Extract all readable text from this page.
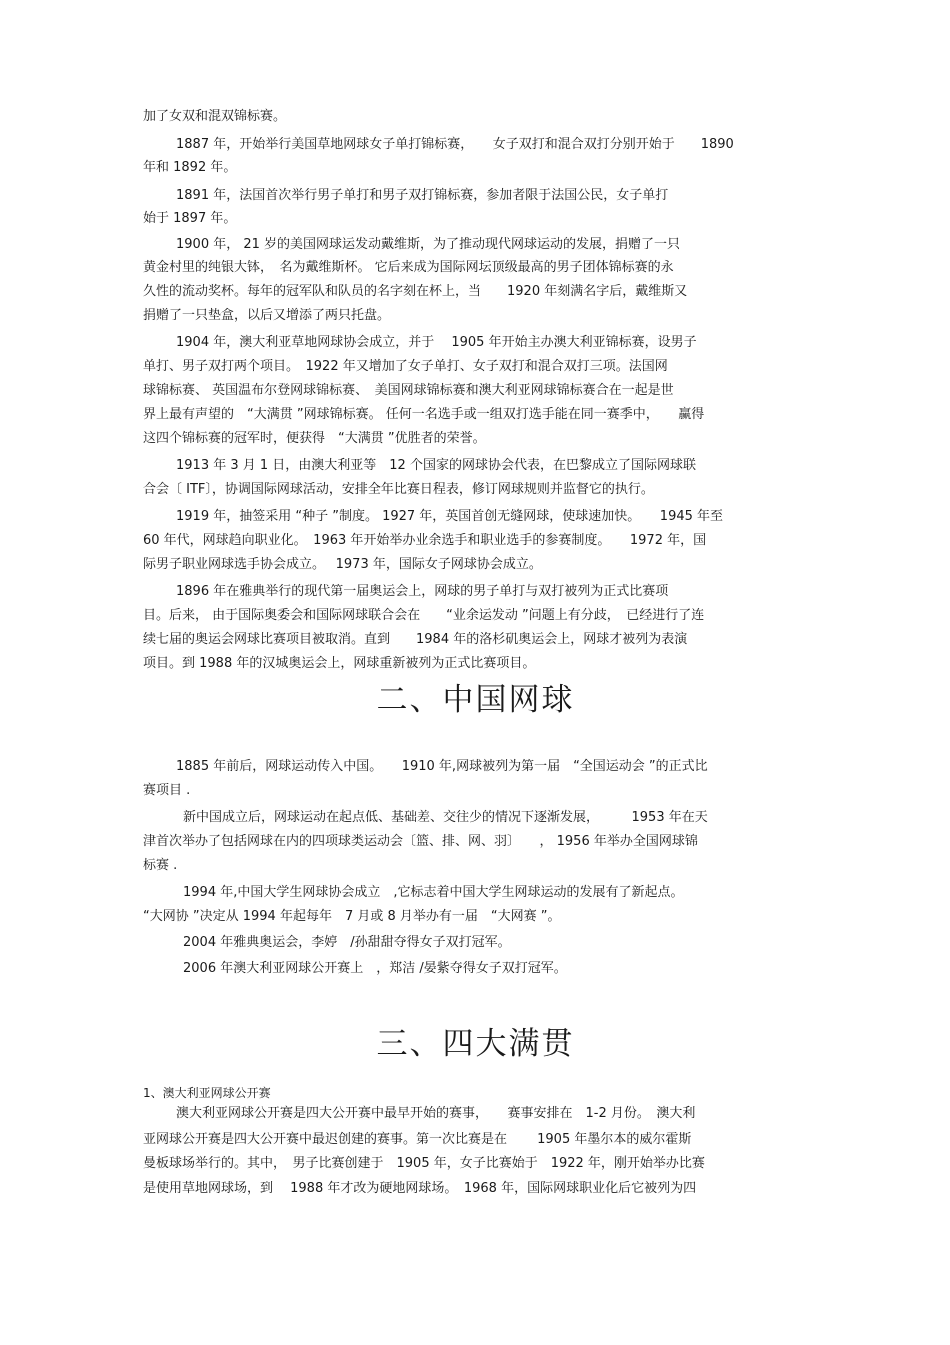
加了女双和混双锦标赛。
1887 年，开始举行美国草地网球女子单打锦标赛，　　女子双打和混合双打分别开始于　　1890
年和 1892 年。
1891 年，法国首次举行男子单打和男子双打锦标赛，参加者限于法国公民，女子单打
始于 1897 年。
1900 年， 21 岁的美国网球运发动戴维斯，为了推动现代网球运动的发展，捐赠了一只
黄金村里的纯银大钵，　名为戴维斯杯。 它后来成为国际网坛顶级最高的男子团体锦标赛的永
久性的流动奖杯。每年的冠军队和队员的名字刻在杯上，当　　1920 年刻满名字后，戴维斯又
捐赠了一只垫盒，以后又增添了两只托盘。
1904 年，澳大利亚草地网球协会成立，并于　 1905 年开始主办澳大利亚锦标赛，设男子
单打、男子双打两个项目。　1922 年又增加了女子单打、女子双打和混合双打三项。法国网
球锦标赛、 英国温布尔登网球锦标赛、　美国网球锦标赛和澳大利亚网球锦标赛合在一起是世
界上最有声望的　“大满贯 ”网球锦标赛。 任何一名选手或一组双打选手能在同一赛季中，　　赢得
这四个锦标赛的冠军时，便获得　“大满贯 ”优胜者的荣誉。
1913 年 3 月 1 日，由澳大利亚等　12 个国家的网球协会代表，在巴黎成立了国际网球联
合会〔 ITF〕，协调国际网球活动，安排全年比赛日程表，修订网球规则并监督它的执行。
1919 年，抽签采用 “种子 ”制度。 1927 年，英国首创无缝网球，使球速加快。　　1945 年至
60 年代，网球趋向职业化。　1963 年开始举办业余选手和职业选手的参赛制度。　　1972 年，国
际男子职业网球选手协会成立。　 1973 年，国际女子网球协会成立。
1896 年在雅典举行的现代第一届奥运会上，网球的男子单打与双打被列为正式比赛项
目。后来， 由于国际奥委会和国际网球联合会在　　“业余运发动 ”问题上有分歧，　已经进行了连
续七届的奥运会网球比赛项目被取消。直到　　1984 年的洛杉矶奥运会上，网球才被列为表演
项目。到 1988 年的汉城奥运会上，网球重新被列为正式比赛项目。
1885 年前后，网球运动传入中国。　　1910 年,网球被列为第一届　“全国运动会 ”的正式比
赛项目 .
新中国成立后，网球运动在起点低、基础差、交往少的情况下逐渐发展，　　　1953 年在天
津首次举办了包括网球在内的四项球类运动会〔篮、排、网、羽〕　　， 1956 年举办全国网球锦
标赛 .
1994 年,中国大学生网球协会成立　,它标志着中国大学生网球运动的发展有了新起点。
“大网协 ”决定从 1994 年起每年　7 月或 8 月举办有一届　“大网赛 ”。
2004 年雅典奥运会，李婷　/孙甜甜夺得女子双打冠军。
2006 年澳大利亚网球公开赛上　，郑洁 /晏紫夺得女子双打冠军。
澳大利亚网球公开赛是四大公开赛中最早开始的赛事，　　赛事安排在　1-2 月份。　澳大利
亚网球公开赛是四大公开赛中最迟创建的赛事。第一次比赛是在　　 1905 年墨尔本的威尔霍斯
曼板球场举行的。其中，　男子比赛创建于　1905 年，女子比赛始于　1922 年，刚开始举办比赛
是使用草地网球场，到　 1988 年才改为硬地网球场。　1968 年，国际网球职业化后它被列为四
二、中国网球
三、四大满贯
1、澳大利亚网球公开赛
